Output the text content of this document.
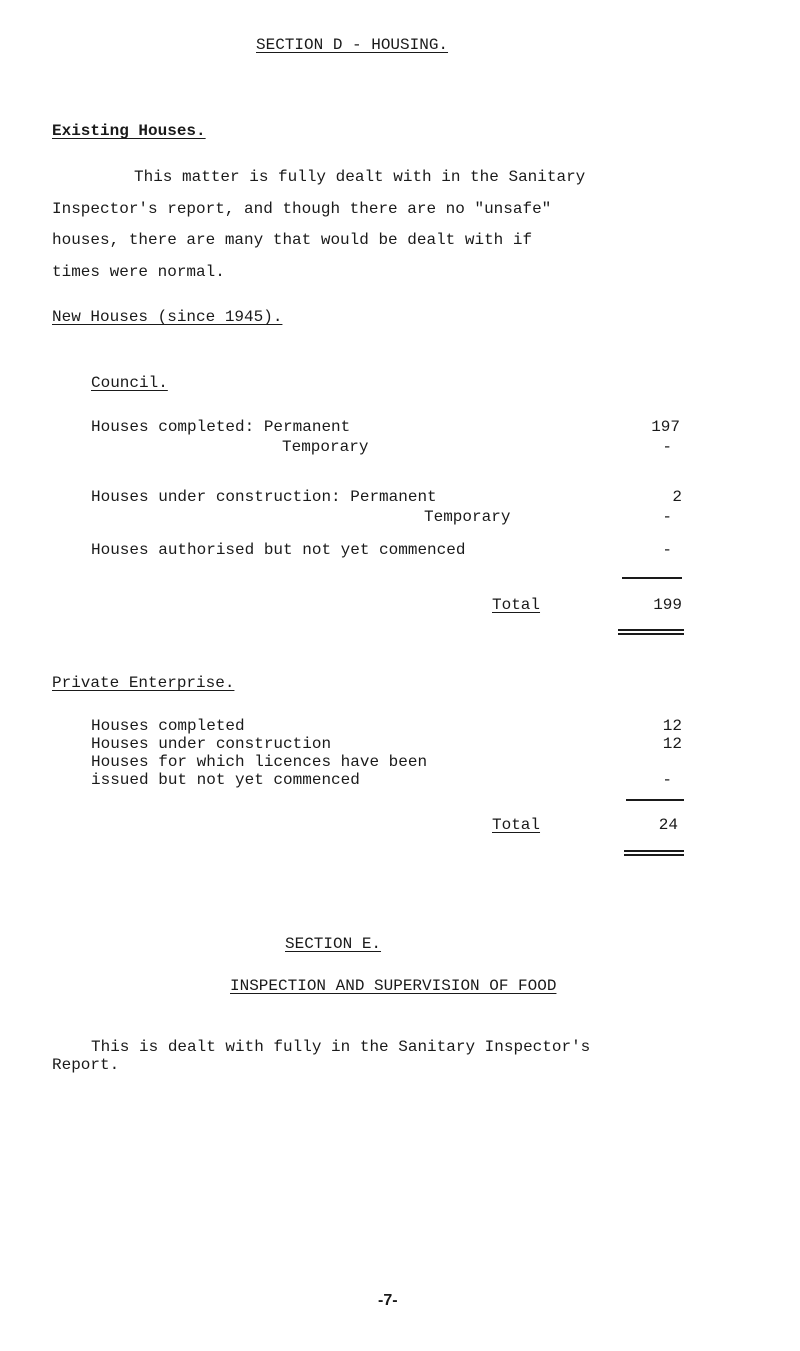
SECTION D - HOUSING.
Existing Houses.
This matter is fully dealt with in the Sanitary
Inspector's report, and though there are no "unsafe"
houses, there are many that would be dealt with if
times were normal.
New Houses (since 1945).
Council.
Houses completed: Permanent	197
Temporary	-
Houses under construction: Permanent	2
Temporary	-
Houses authorised but not yet commenced	-
Total	199
Private Enterprise.
Houses completed	12
Houses under construction	12
Houses for which licences have been
issued but not yet commenced	-
Total	24
SECTION E.
INSPECTION AND SUPERVISION OF FOOD
This is dealt with fully in the Sanitary Inspector's
Report.
-7-
